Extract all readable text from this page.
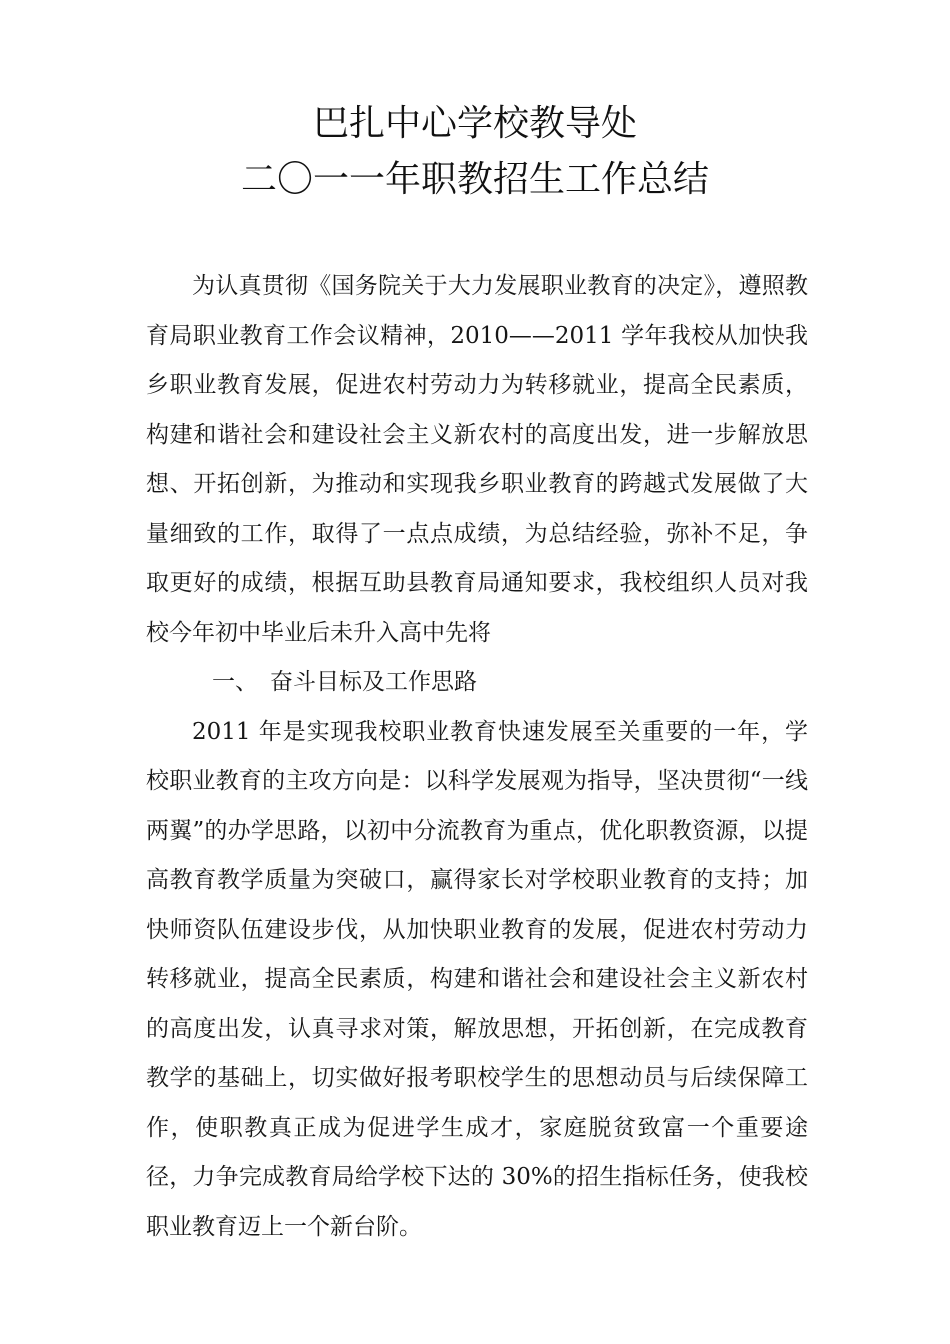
巴扎中心学校教导处
二〇一一年职教招生工作总结

为认真贯彻《国务院关于大力发展职业教育的决定》，遵照教育局职业教育工作会议精神，2010——2011 学年我校从加快我乡职业教育发展，促进农村劳动力为转移就业，提高全民素质，构建和谐社会和建设社会主义新农村的高度出发，进一步解放思想、开拓创新，为推动和实现我乡职业教育的跨越式发展做了大量细致的工作，取得了一点点成绩，为总结经验，弥补不足，争取更好的成绩，根据互助县教育局通知要求，我校组织人员对我校今年初中毕业后未升入高中先将

一、 奋斗目标及工作思路

2011 年是实现我校职业教育快速发展至关重要的一年，学校职业教育的主攻方向是：以科学发展观为指导，坚决贯彻“一线两翼”的办学思路，以初中分流教育为重点，优化职教资源，以提高教育教学质量为突破口，赢得家长对学校职业教育的支持；加快师资队伍建设步伐，从加快职业教育的发展，促进农村劳动力转移就业，提高全民素质，构建和谐社会和建设社会主义新农村的高度出发，认真寻求对策，解放思想，开拓创新，在完成教育教学的基础上，切实做好报考职校学生的思想动员与后续保障工作，使职教真正成为促进学生成才，家庭脱贫致富一个重要途径，力争完成教育局给学校下达的 30%的招生指标任务，使我校职业教育迈上一个新台阶。
